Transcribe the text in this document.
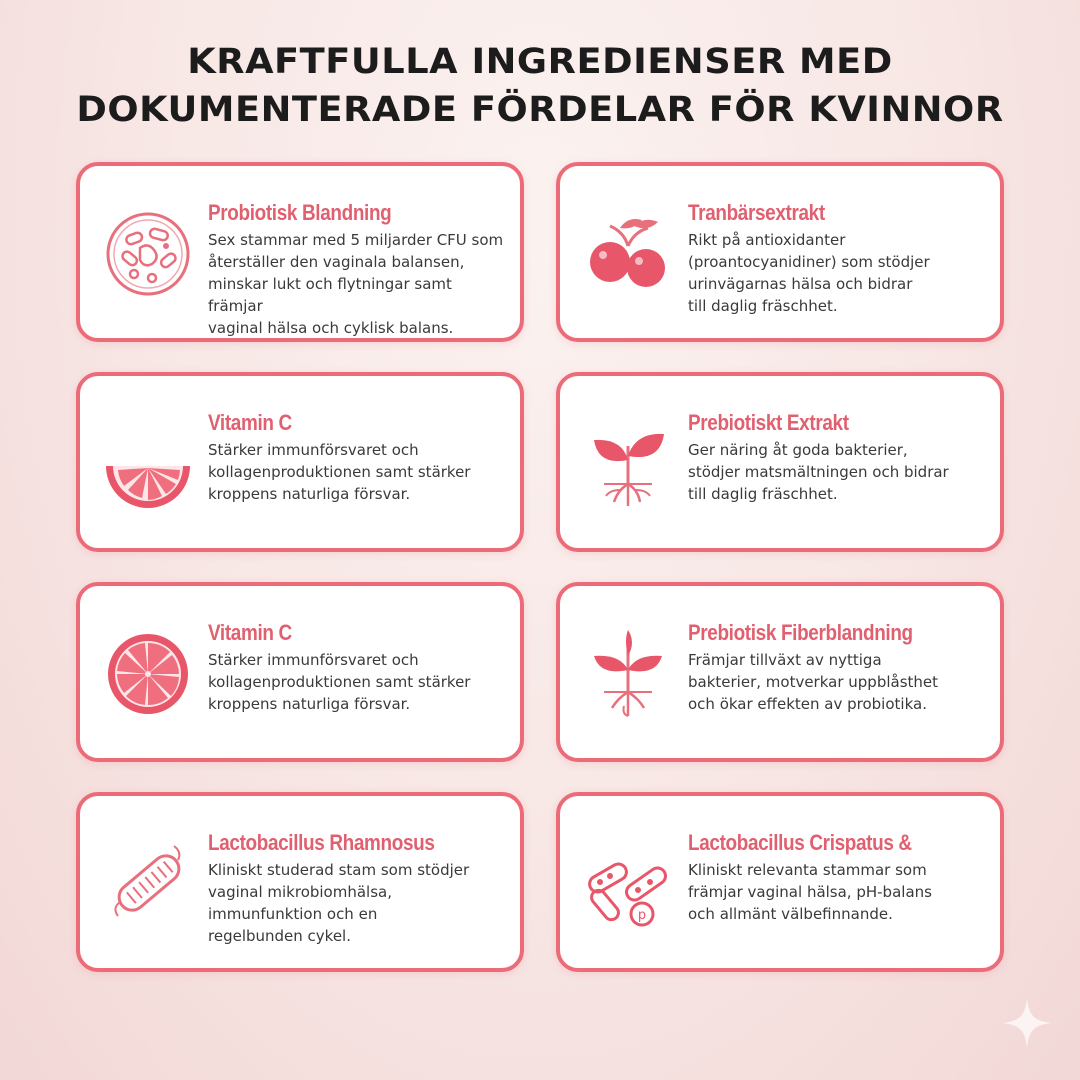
KRAFTFULLA INGREDIENSER MED
DOKUMENTERADE FÖRDELAR FÖR KVINNOR
Probiotisk Blandning

Sex stammar med 5 miljarder CFU som
återställer den vaginala balansen,
minskar lukt och flytningar samt främjar
vaginal hälsa och cyklisk balans.

Tranbärsextrakt

Rikt på antioxidanter
(proantocyanidiner) som stödjer
urinvägarnas hälsa och bidrar
till daglig fräschhet.

Vitamin C

Stärker immunförsvaret och
kollagenproduktionen samt stärker
kroppens naturliga försvar.

Prebiotiskt Extrakt

Ger näring åt goda bakterier,
stödjer matsmältningen och bidrar
till daglig fräschhet.

Vitamin C

Stärker immunförsvaret och
kollagenproduktionen samt stärker
kroppens naturliga försvar.

Prebiotisk Fiberblandning

Främjar tillväxt av nyttiga
bakterier, motverkar uppblåsthet
och ökar effekten av probiotika.

Lactobacillus Rhamnosus

Kliniskt studerad stam som stödjer
vaginal mikrobiomhälsa,
immunfunktion och en
regelbunden cykel.

p
Lactobacillus Crispatus &

Kliniskt relevanta stammar som
främjar vaginal hälsa, pH-balans
och allmänt välbefinnande.
